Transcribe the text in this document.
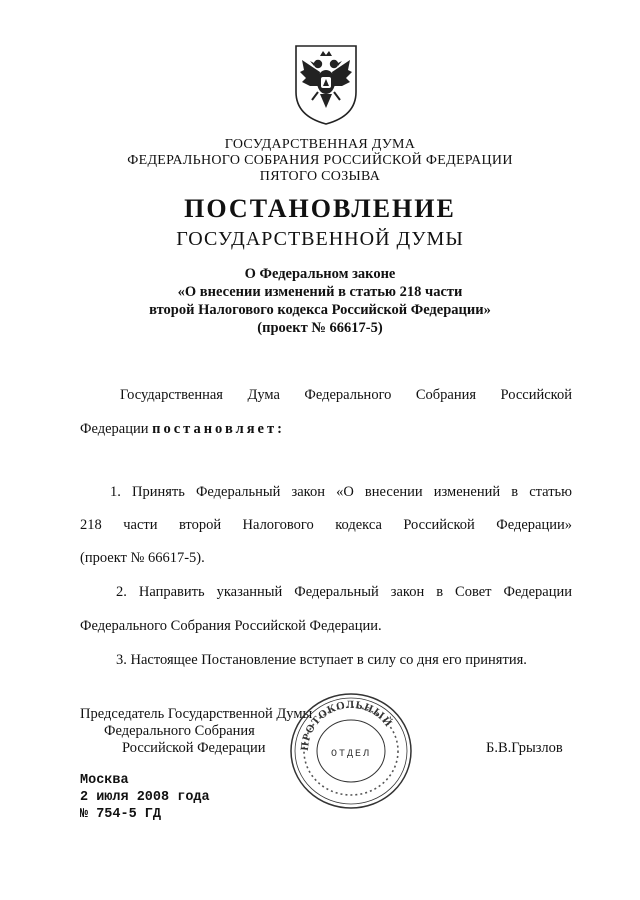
ГОСУДАРСТВЕННАЯ ДУМА
ФЕДЕРАЛЬНОГО СОБРАНИЯ РОССИЙСКОЙ ФЕДЕРАЦИИ
ПЯТОГО СОЗЫВА
ПОСТАНОВЛЕНИЕ
ГОСУДАРСТВЕННОЙ ДУМЫ
О Федеральном законе
«О внесении изменений в статью 218 части
второй Налогового кодекса Российской Федерации»
(проект № 66617-5)
Государственная Дума Федерального Собрания Российской
Федерации постановляет:
1. Принять Федеральный закон «О внесении изменений в статью
218 части второй Налогового кодекса Российской Федерации»
(проект № 66617-5).
2. Направить указанный Федеральный закон в Совет Федерации
Федерального Собрания Российской Федерации.
3. Настоящее Постановление вступает в силу со дня его принятия.
Председатель Государственной Думы
Федерального Собрания
Российской Федерации	Б.В.Грызлов
ПРОТОКОЛЬНЫЙ
ОТДЕЛ
Москва
2 июля 2008 года
№ 754-5 ГД
